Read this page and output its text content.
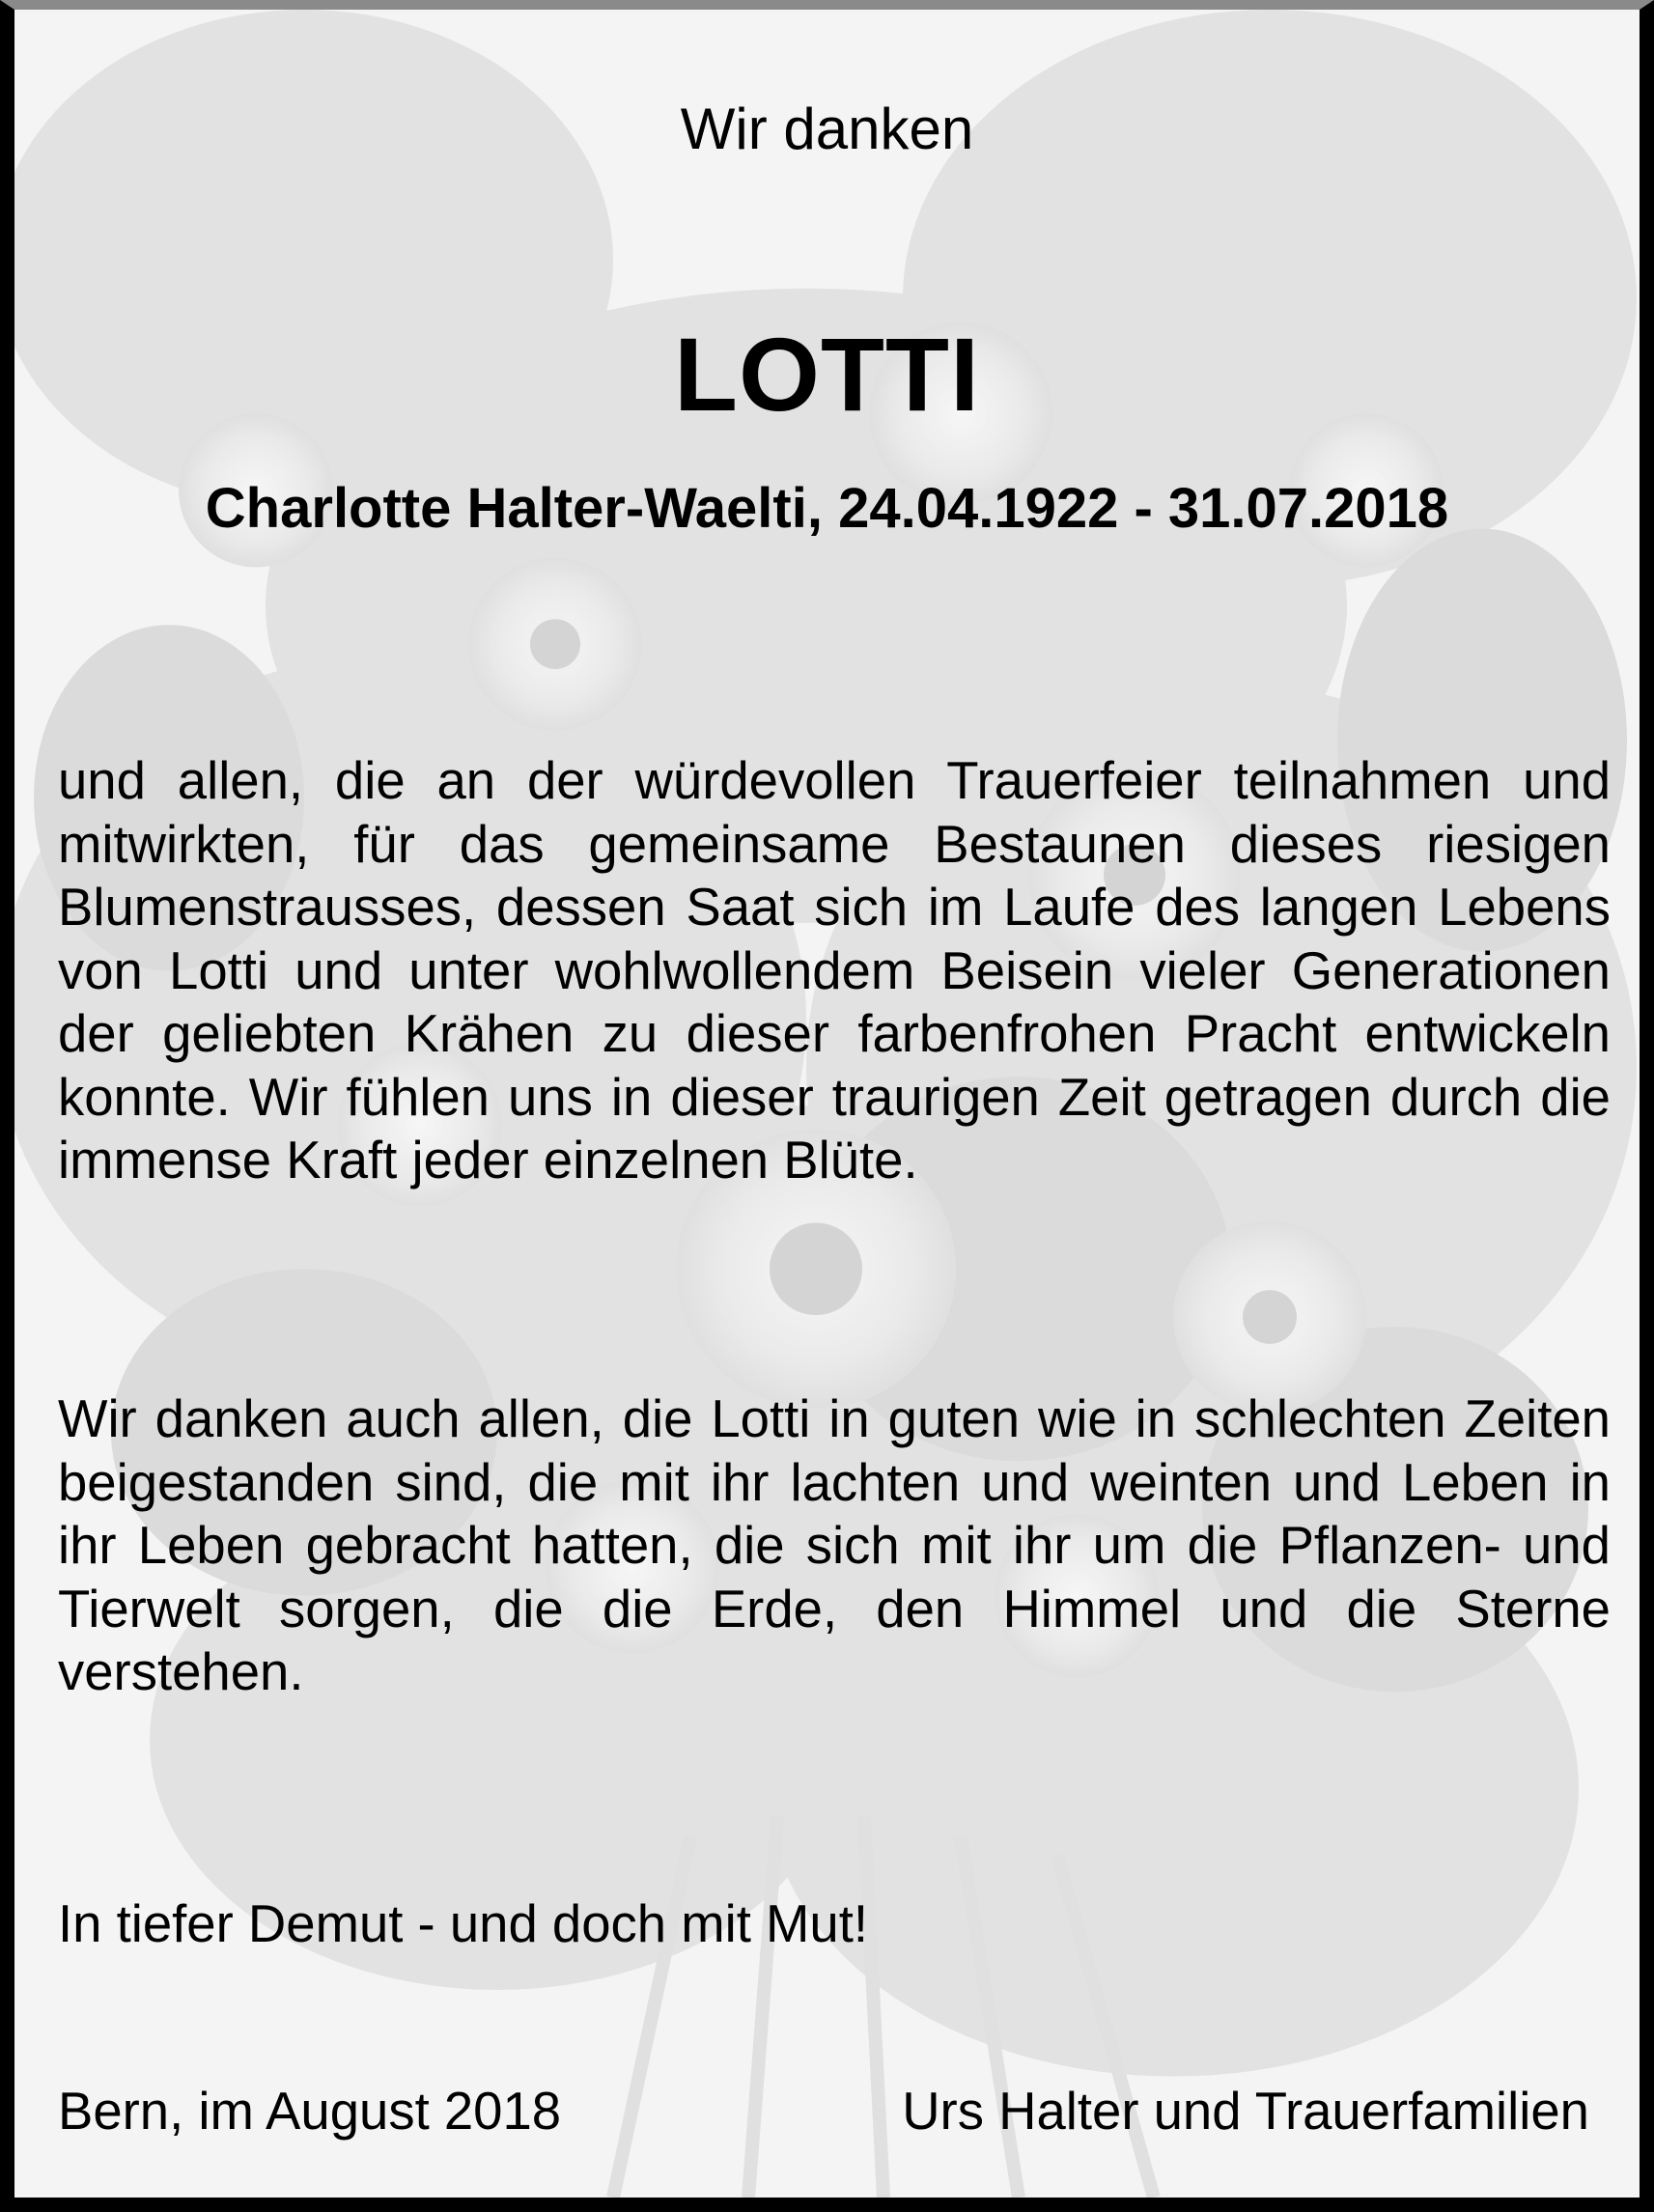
Wir danken
LOTTI
Charlotte Halter-Waelti, 24.04.1922 - 31.07.2018

und allen, die an der würdevollen Trauerfeier teilnahmen und mitwirkten, für das gemeinsame Bestaunen dieses riesigen Blumenstrausses, dessen Saat sich im Laufe des langen Lebens von Lotti und unter wohlwollendem Beisein vieler Generationen der geliebten Krähen zu dieser farbenfrohen Pracht entwickeln konnte. Wir fühlen uns in dieser traurigen Zeit getragen durch die immense Kraft jeder einzelnen Blüte.

Wir danken auch allen, die Lotti in guten wie in schlechten Zeiten beigestanden sind, die mit ihr lachten und weinten und Leben in ihr Leben gebracht hatten, die sich mit ihr um die Pflanzen- und Tierwelt sorgen, die die Erde, den Himmel und die Sterne verstehen.

In tiefer Demut - und doch mit Mut!
Bern, im August 2018	Urs Halter und Trauerfamilien
